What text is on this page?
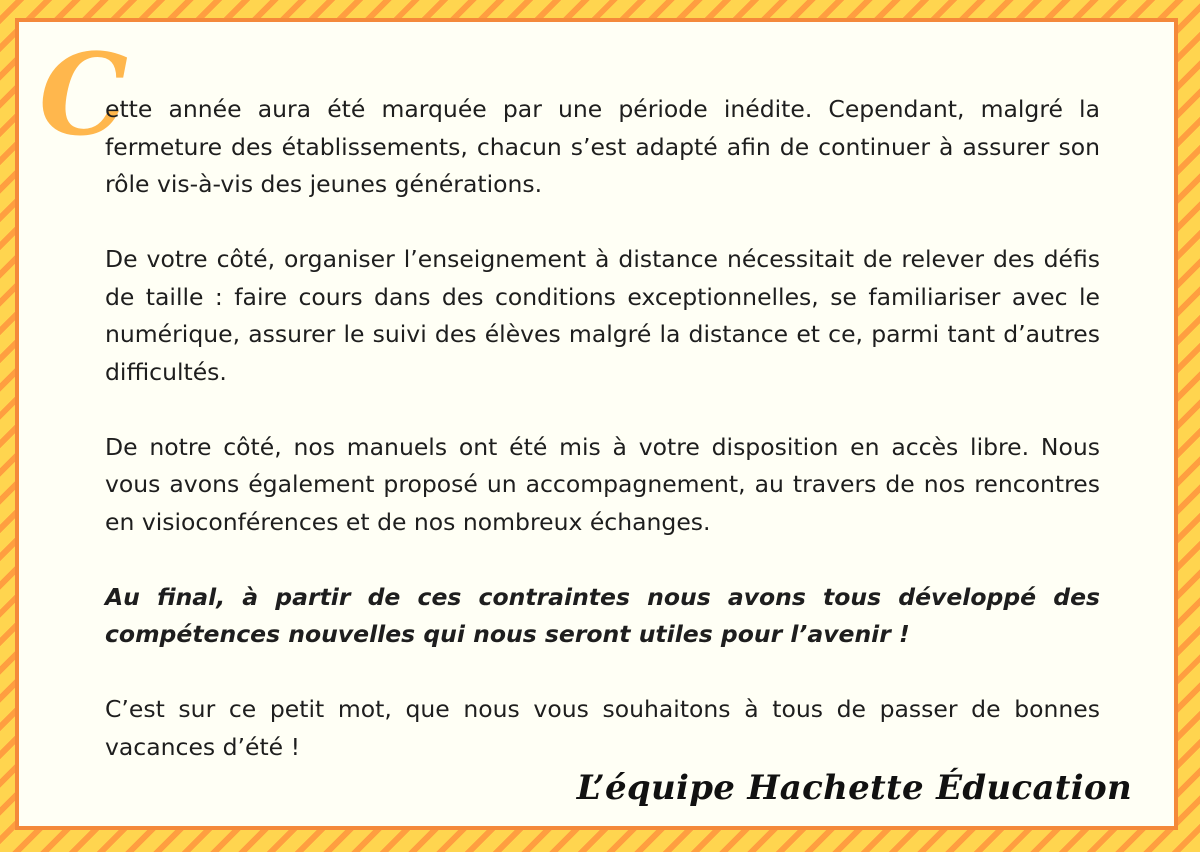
C

ette année aura été marquée par une période inédite. Cependant, malgré la fermeture des établissements, chacun s’est adapté afin de continuer à assurer son rôle vis-à-vis des jeunes générations.

De votre côté, organiser l’enseignement à distance nécessitait de relever des défis de taille : faire cours dans des conditions exceptionnelles, se familiariser avec le numérique, assurer le suivi des élèves malgré la distance et ce, parmi tant d’autres difficultés.

De notre côté, nos manuels ont été mis à votre disposition en accès libre. Nous vous avons également proposé un accompagnement, au travers de nos rencontres en visioconférences et de nos nombreux échanges.

Au final, à partir de ces contraintes nous avons tous développé des compétences nouvelles qui nous seront utiles pour l’avenir !

C’est sur ce petit mot, que nous vous souhaitons à tous de passer de bonnes vacances d’été !

L’équipe Hachette Éducation
